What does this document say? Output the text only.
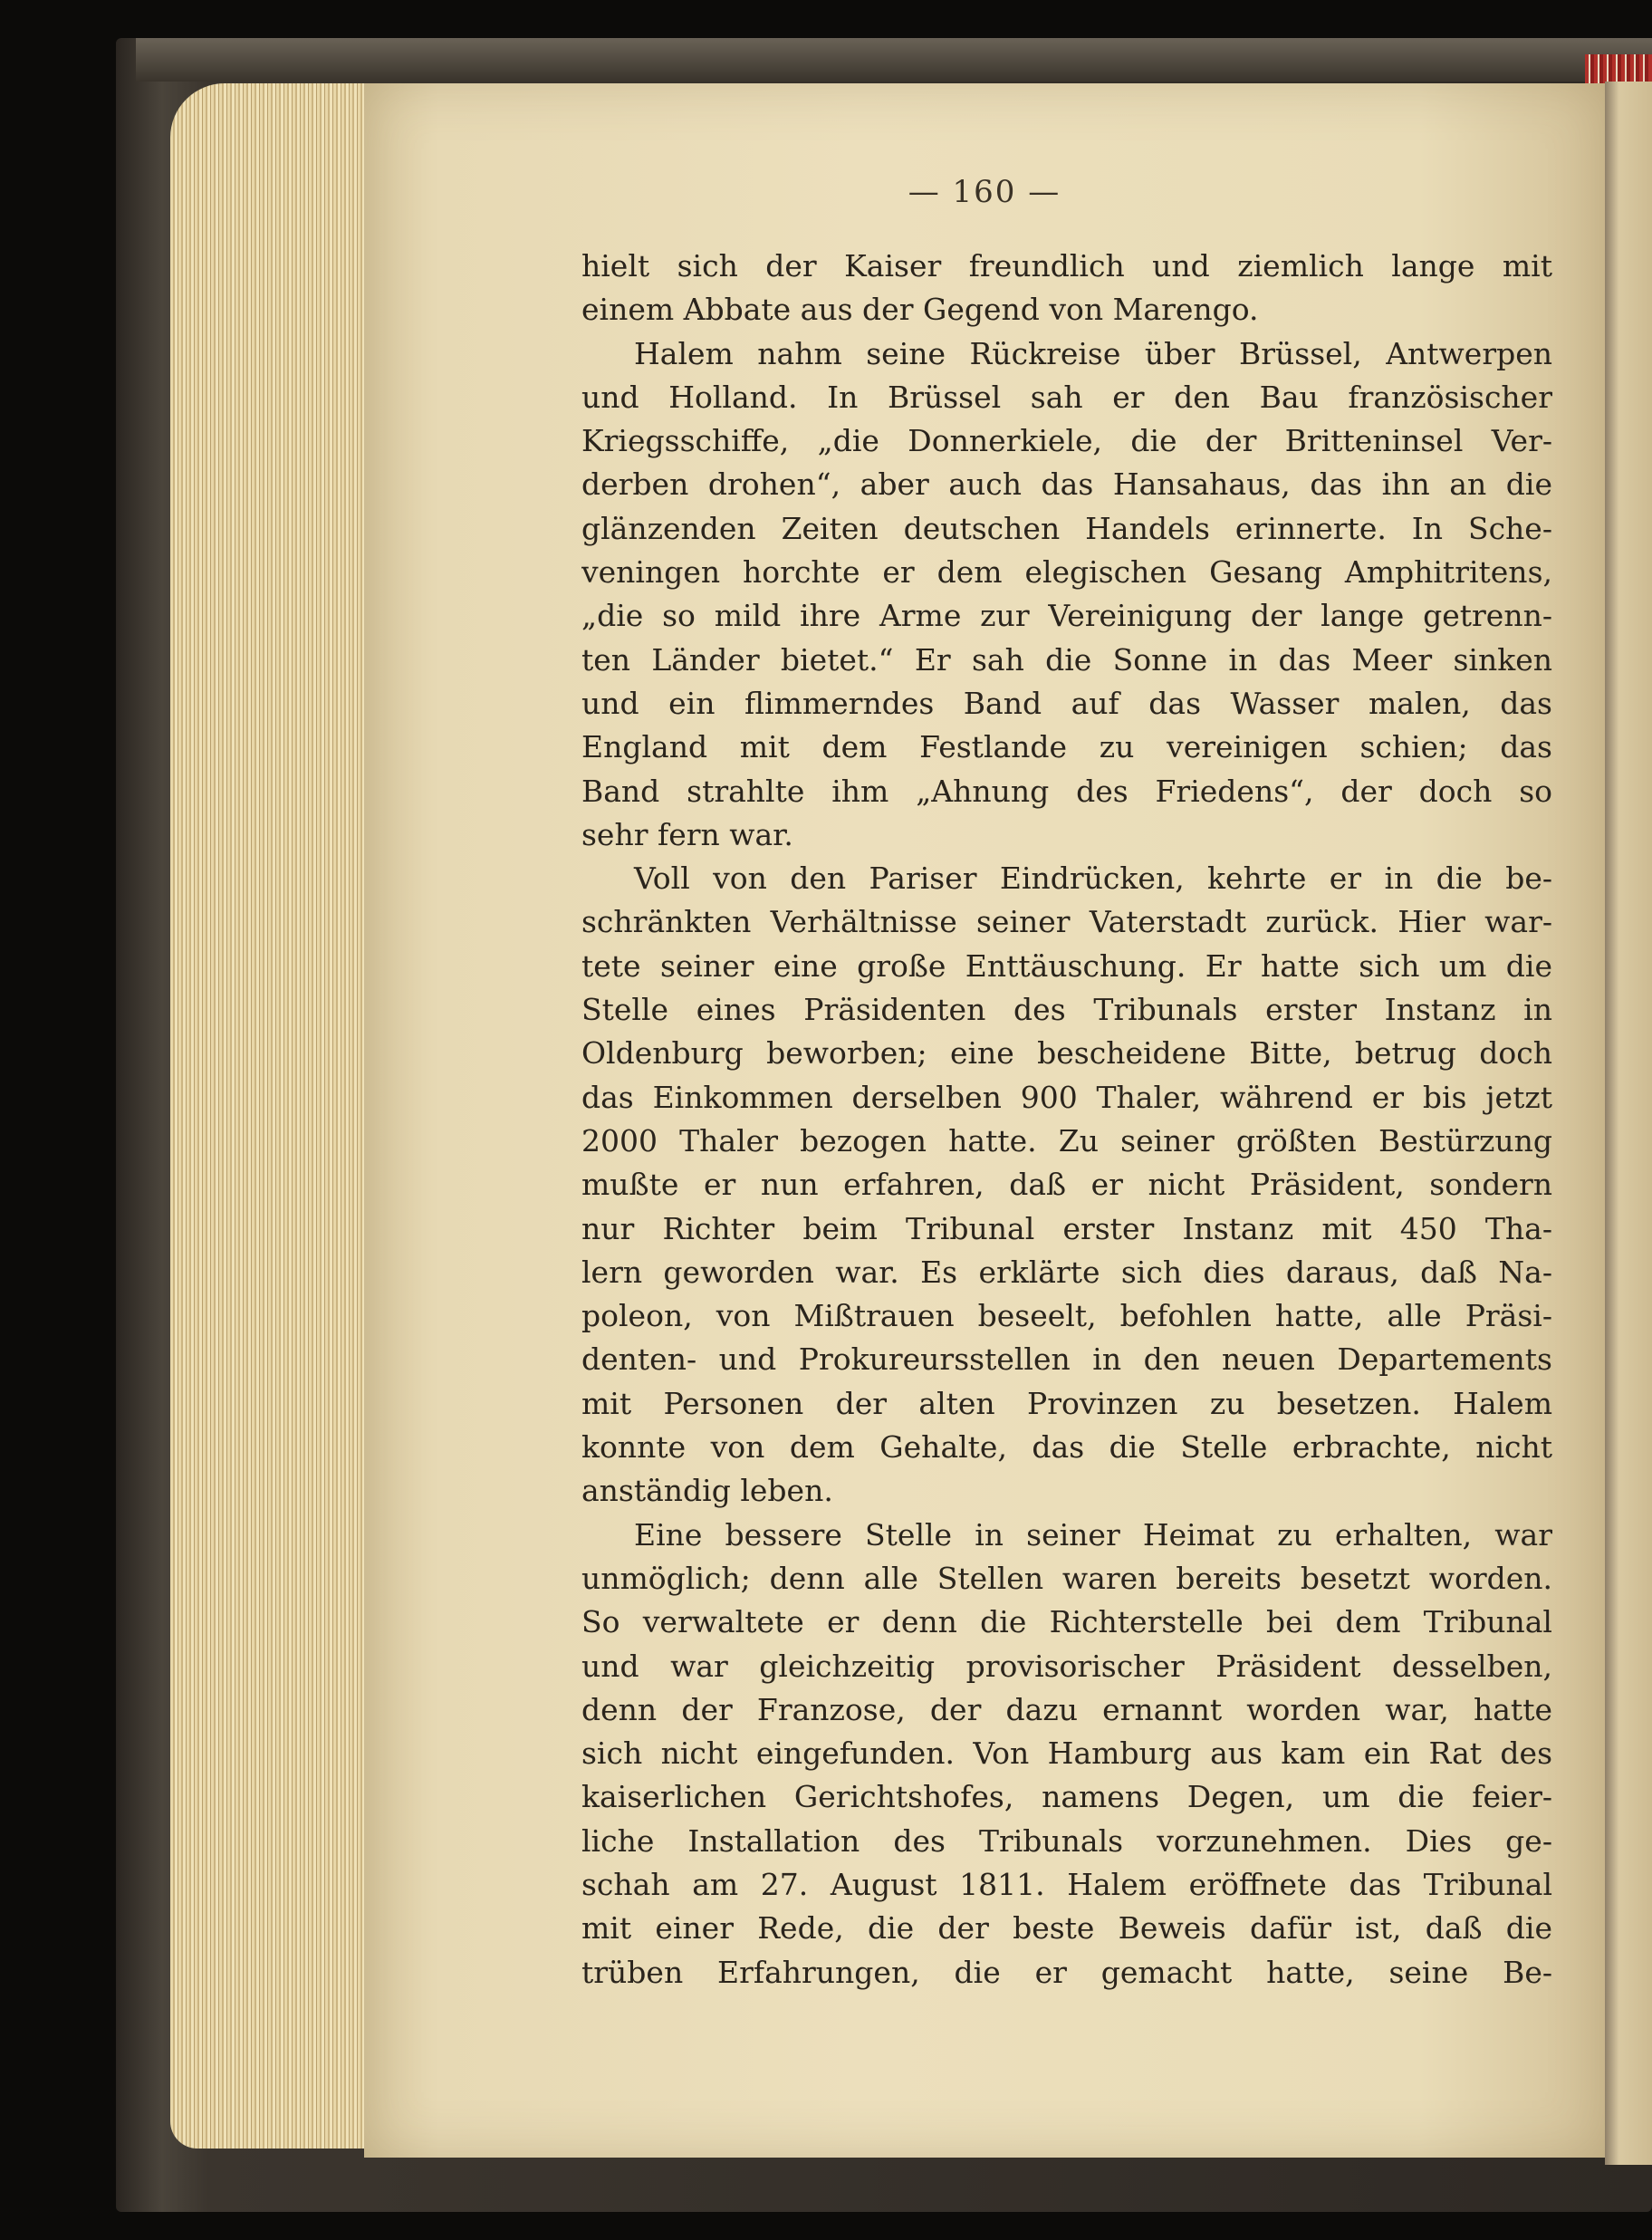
— 160 —
hielt sich der Kaiser freundlich und ziemlich lange mit
einem Abbate aus der Gegend von Marengo.
Halem nahm seine Rückreise über Brüssel, Antwerpen
und Holland. In Brüssel sah er den Bau französischer
Kriegsschiffe, „die Donnerkiele, die der Britteninsel Ver-
derben drohen“, aber auch das Hansahaus, das ihn an die
glänzenden Zeiten deutschen Handels erinnerte. In Sche-
veningen horchte er dem elegischen Gesang Amphitritens,
„die so mild ihre Arme zur Vereinigung der lange getrenn-
ten Länder bietet.“ Er sah die Sonne in das Meer sinken
und ein flimmerndes Band auf das Wasser malen, das
England mit dem Festlande zu vereinigen schien; das
Band strahlte ihm „Ahnung des Friedens“, der doch so
sehr fern war.
Voll von den Pariser Eindrücken, kehrte er in die be-
schränkten Verhältnisse seiner Vaterstadt zurück. Hier war-
tete seiner eine große Enttäuschung. Er hatte sich um die
Stelle eines Präsidenten des Tribunals erster Instanz in
Oldenburg beworben; eine bescheidene Bitte, betrug doch
das Einkommen derselben 900 Thaler, während er bis jetzt
2000 Thaler bezogen hatte. Zu seiner größten Bestürzung
mußte er nun erfahren, daß er nicht Präsident, sondern
nur Richter beim Tribunal erster Instanz mit 450 Tha-
lern geworden war. Es erklärte sich dies daraus, daß Na-
poleon, von Mißtrauen beseelt, befohlen hatte, alle Präsi-
denten- und Prokureursstellen in den neuen Departements
mit Personen der alten Provinzen zu besetzen. Halem
konnte von dem Gehalte, das die Stelle erbrachte, nicht
anständig leben.
Eine bessere Stelle in seiner Heimat zu erhalten, war
unmöglich; denn alle Stellen waren bereits besetzt worden.
So verwaltete er denn die Richterstelle bei dem Tribunal
und war gleichzeitig provisorischer Präsident desselben,
denn der Franzose, der dazu ernannt worden war, hatte
sich nicht eingefunden. Von Hamburg aus kam ein Rat des
kaiserlichen Gerichtshofes, namens Degen, um die feier-
liche Installation des Tribunals vorzunehmen. Dies ge-
schah am 27. August 1811. Halem eröffnete das Tribunal
mit einer Rede, die der beste Beweis dafür ist, daß die
trüben Erfahrungen, die er gemacht hatte, seine Be-
